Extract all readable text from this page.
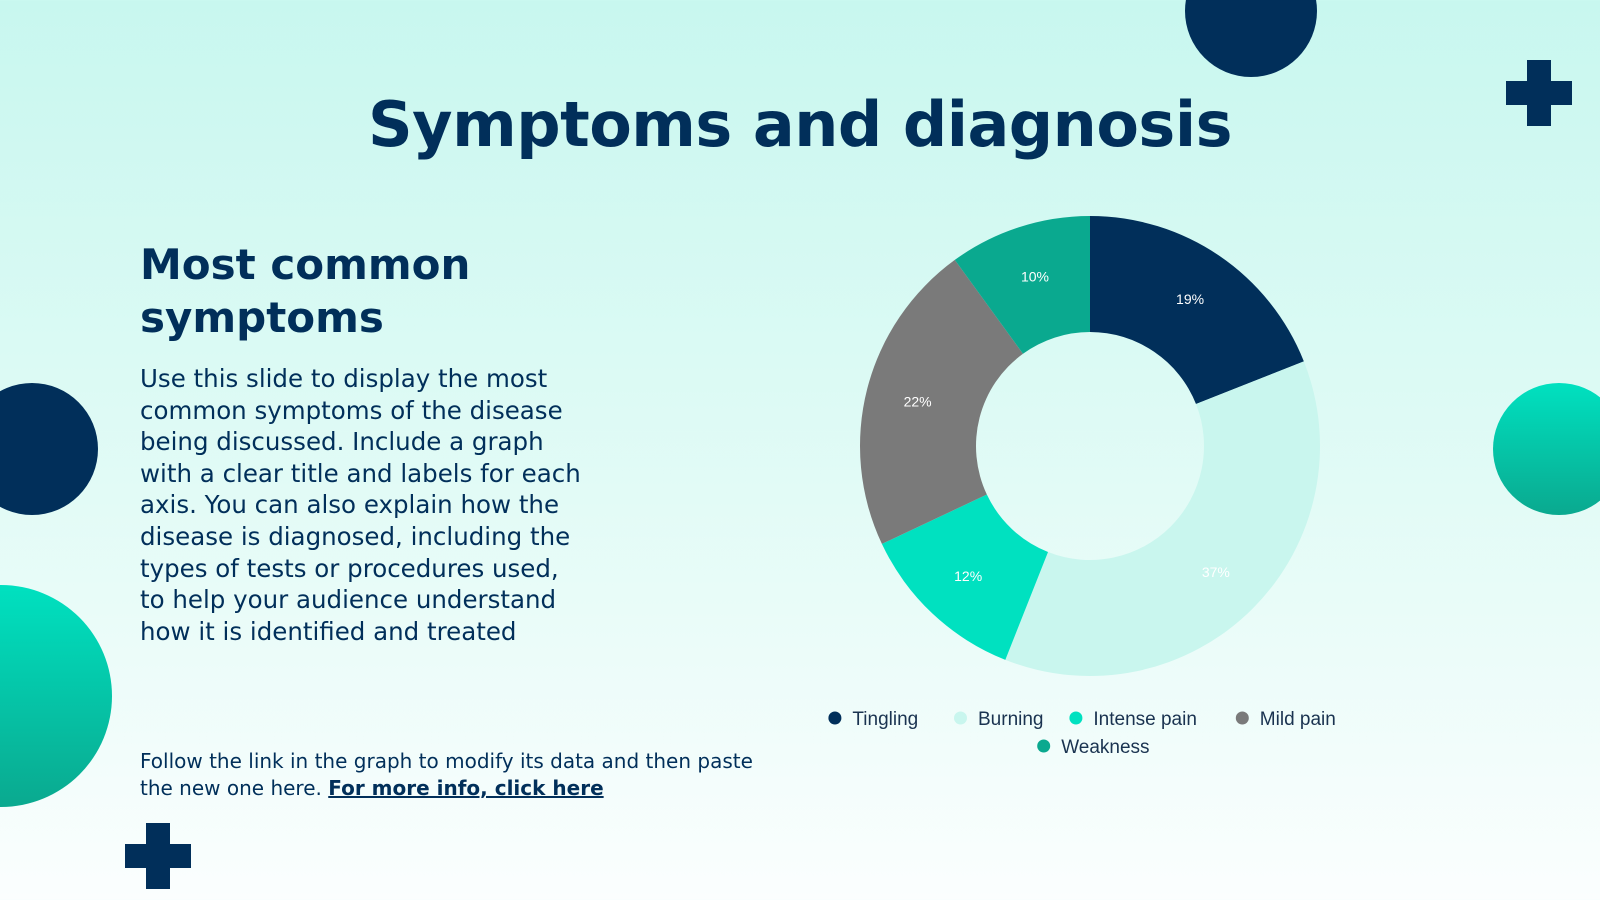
Symptoms and diagnosis
Most common symptoms

Use this slide to display the most common symptoms of the disease being discussed. Include a graph with a clear title and labels for each axis. You can also explain how the disease is diagnosed, including the types of tests or procedures used, to help your audience understand how it is identified and treated

Follow the link in the graph to modify its data and then paste the new one here. For more info, click here

19%
37%
12%
22%
10%
Tingling	Burning	Intense pain	Mild pain
Weakness
